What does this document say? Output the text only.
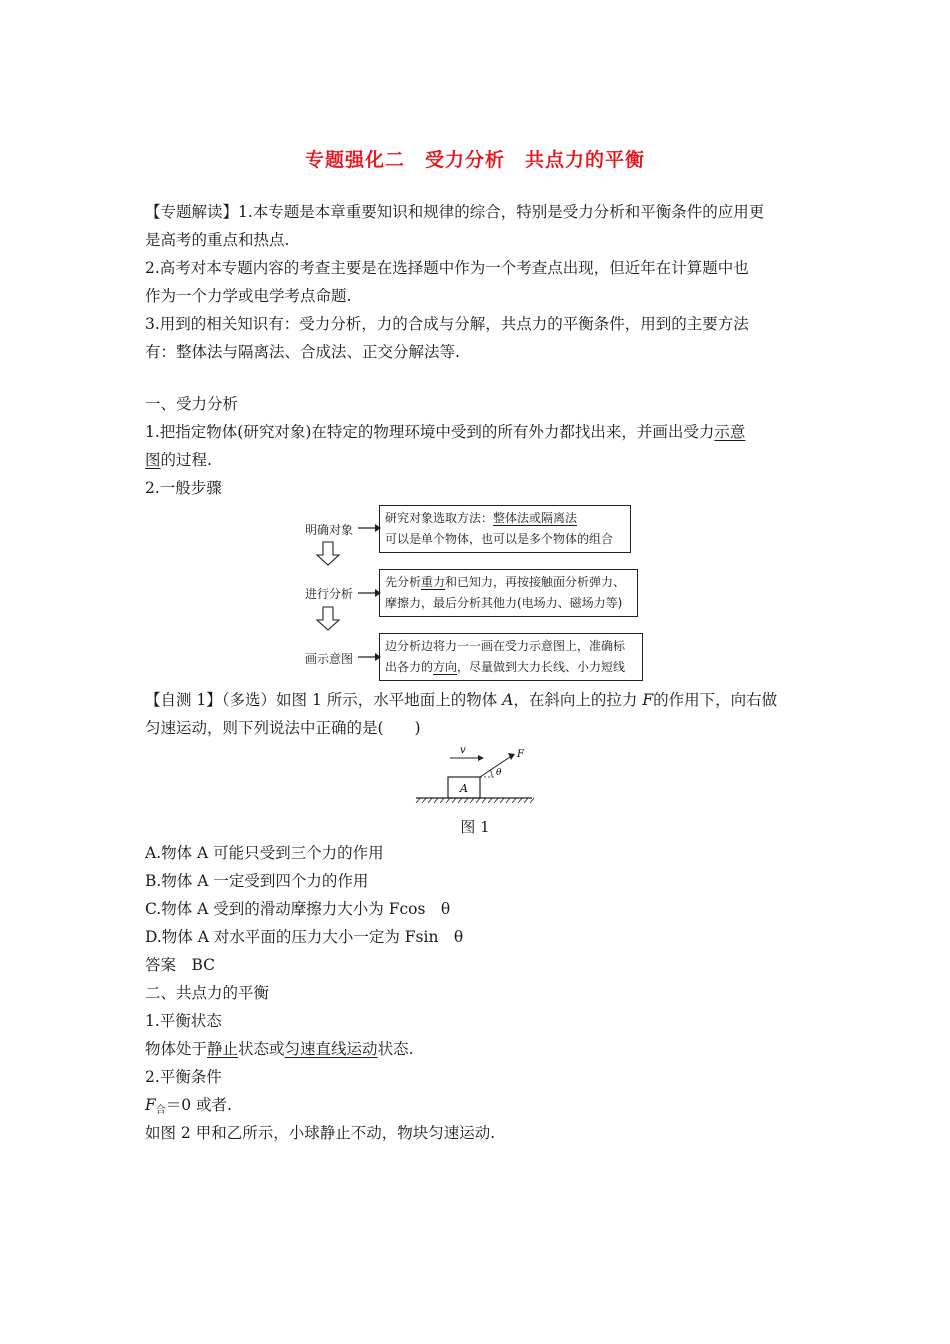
专题强化二　受力分析　共点力的平衡
【专题解读】1.本专题是本章重要知识和规律的综合，特别是受力分析和平衡条件的应用更
是高考的重点和热点.
2.高考对本专题内容的考查主要是在选择题中作为一个考查点出现，但近年在计算题中也
作为一个力学或电学考点命题.
3.用到的相关知识有：受力分析，力的合成与分解，共点力的平衡条件，用到的主要方法
有：整体法与隔离法、合成法、正交分解法等.
一、受力分析
1.把指定物体(研究对象)在特定的物理环境中受到的所有外力都找出来，并画出受力示意
图的过程.
2.一般步骤
明确对象
进行分析
画示意图
研究对象选取方法：整体法或隔离法
可以是单个物体，也可以是多个物体的组合
先分析重力和已知力，再按接触面分析弹力、
摩擦力，最后分析其他力(电场力、磁场力等)
边分析边将力一一画在受力示意图上，准确标
出各力的方向，尽量做到大力长线、小力短线
【自测 1】（多选）如图 1 所示，水平地面上的物体 A，在斜向上的拉力 F的作用下，向右做
匀速运动，则下列说法中正确的是(　　)
v
A
F
θ
图 1
A.物体 A 可能只受到三个力的作用
B.物体 A 一定受到四个力的作用
C.物体 A 受到的滑动摩擦力大小为 Fcos　θ
D.物体 A 对水平面的压力大小一定为 Fsin　θ
答案　BC
二、共点力的平衡
1.平衡状态
物体处于静止状态或匀速直线运动状态.
2.平衡条件
$F_合=0$ 或者.
如图 2 甲和乙所示，小球静止不动，物块匀速运动.
